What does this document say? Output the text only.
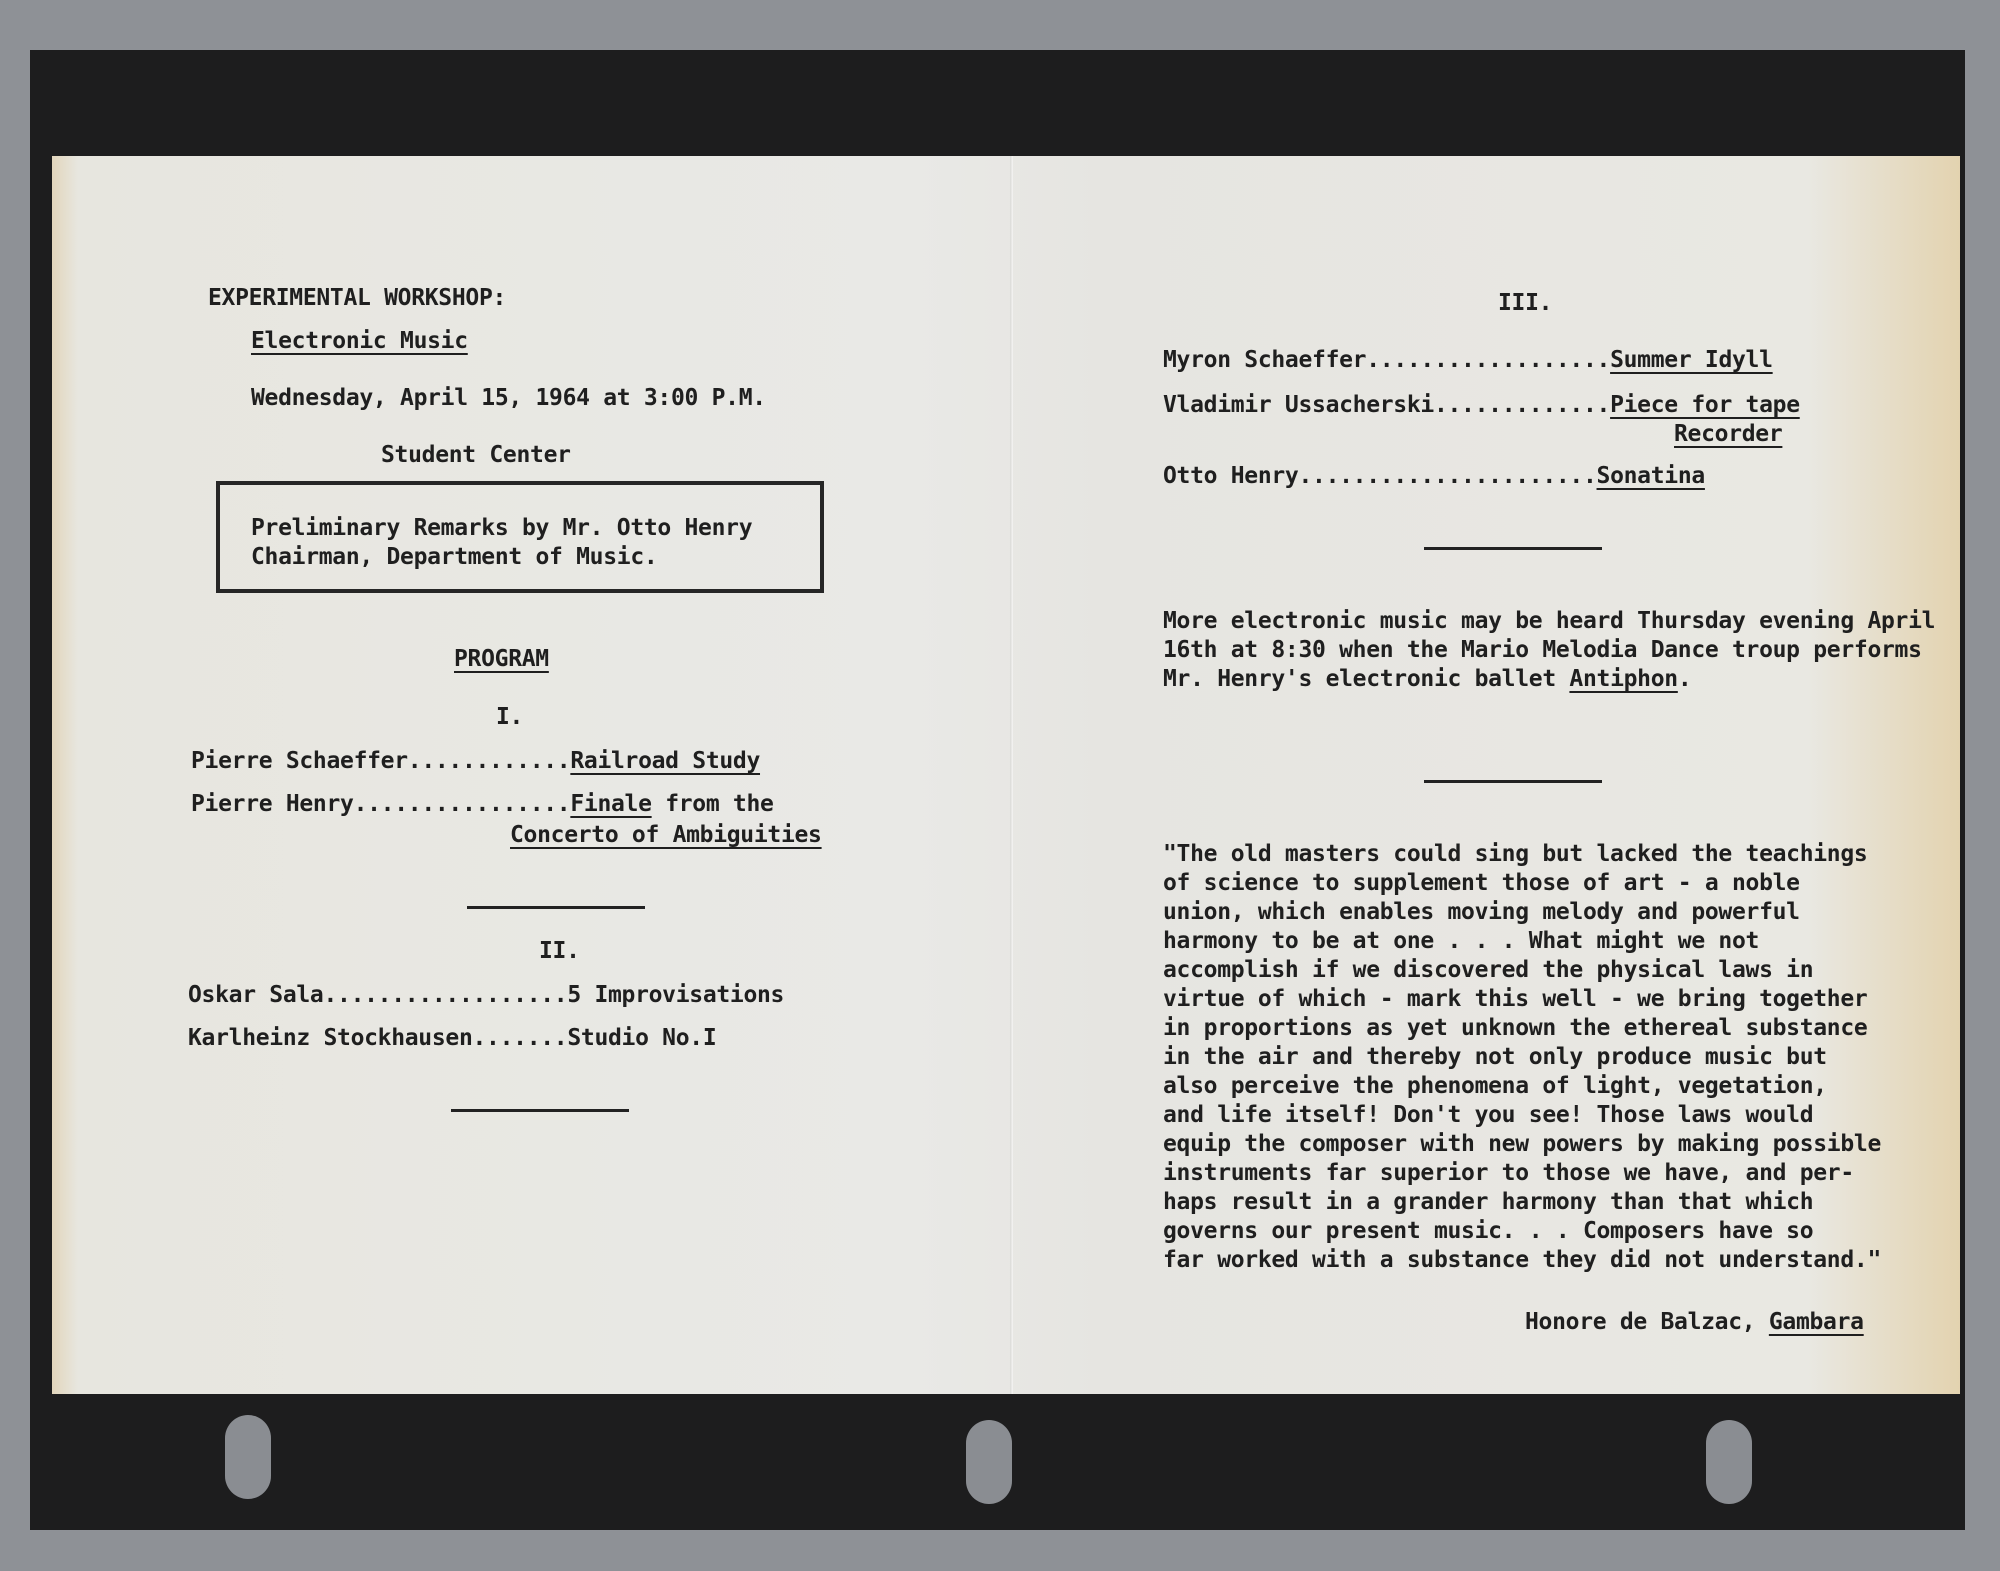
EXPERIMENTAL WORKSHOP:
Electronic Music
Wednesday, April 15, 1964 at 3:00 P.M.
Student Center
Preliminary Remarks by Mr. Otto Henry
Chairman, Department of Music.
PROGRAM
I.
Pierre Schaeffer............Railroad Study
Pierre Henry................Finale from the
Concerto of Ambiguities
II.
Oskar Sala..................5 Improvisations
Karlheinz Stockhausen.......Studio No.I
III.
Myron Schaeffer..................Summer Idyll
Vladimir Ussacherski.............Piece for tape
Recorder
Otto Henry......................Sonatina
More electronic music may be heard Thursday evening April 16th at 8:30 when the Mario Melodia Dance troup performs Mr. Henry's electronic ballet Antiphon.
"The old masters could sing but lacked the teachings
of science to supplement those of art - a noble
union, which enables moving melody and powerful
harmony to be at one . . . What might we not
accomplish if we discovered the physical laws in
virtue of which - mark this well - we bring together
in proportions as yet unknown the ethereal substance
in the air and thereby not only produce music but
also perceive the phenomena of light, vegetation,
and life itself! Don't you see! Those laws would
equip the composer with new powers by making possible
instruments far superior to those we have, and per-
haps result in a grander harmony than that which
governs our present music. . . Composers have so
far worked with a substance they did not understand."
Honore de Balzac, Gambara
